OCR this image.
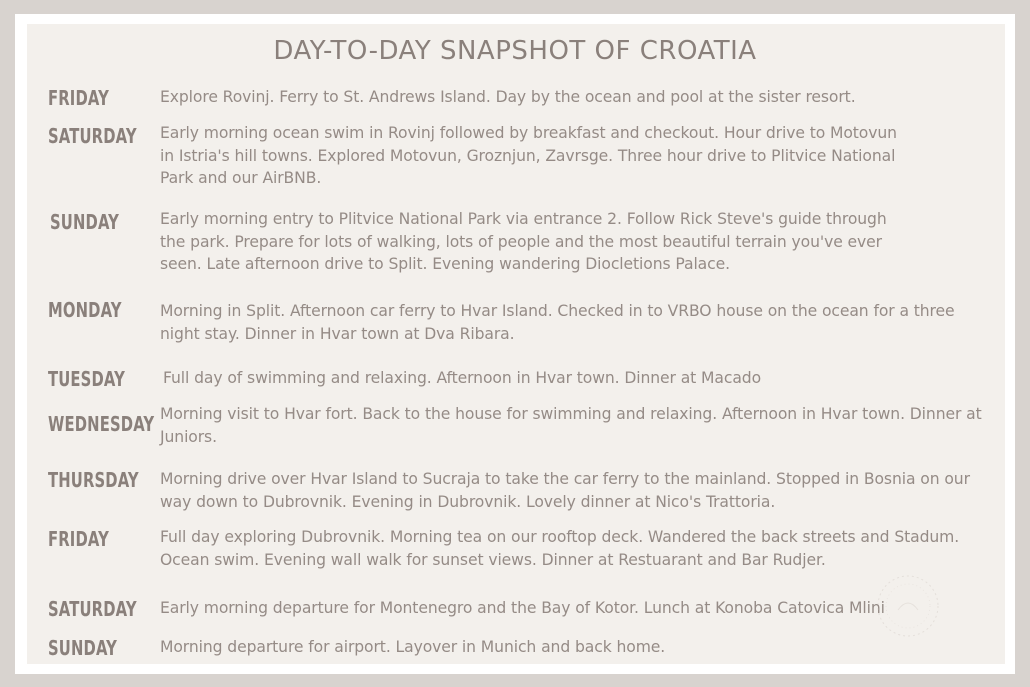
DAY-TO-DAY SNAPSHOT OF CROATIA
FRIDAY	Explore Rovinj. Ferry to St. Andrews Island. Day by the ocean and pool at the sister resort.
SATURDAY Early morning ocean swim in Rovinj followed by breakfast and checkout. Hour drive to Motovun in Istria's hill towns. Explored Motovun, Groznjun, Zavrsge. Three hour drive to Plitvice National Park and our AirBNB.
SUNDAY	Early morning entry to Plitvice National Park via entrance 2. Follow Rick Steve's guide through the park. Prepare for lots of walking, lots of people and the most beautiful terrain you've ever seen. Late afternoon drive to Split. Evening wandering Diocletions Palace.
MONDAY Morning in Split. Afternoon car ferry to Hvar Island. Checked in to VRBO house on the ocean for a three night stay. Dinner in Hvar town at Dva Ribara.
TUESDAY Full day of swimming and relaxing. Afternoon in Hvar town. Dinner at Macado
WEDNESDAY Morning visit to Hvar fort. Back to the house for swimming and relaxing. Afternoon in Hvar town. Dinner at Juniors.
THURSDAY Morning drive over Hvar Island to Sucraja to take the car ferry to the mainland. Stopped in Bosnia on our way down to Dubrovnik. Evening in Dubrovnik. Lovely dinner at Nico's Trattoria.
FRIDAY	Full day exploring Dubrovnik. Morning tea on our rooftop deck. Wandered the back streets and Stadum. Ocean swim. Evening wall walk for sunset views. Dinner at Restuarant and Bar Rudjer.
SATURDAY Early morning departure for Montenegro and the Bay of Kotor. Lunch at Konoba Catovica Mlini
SUNDAY	Morning departure for airport. Layover in Munich and back home.
